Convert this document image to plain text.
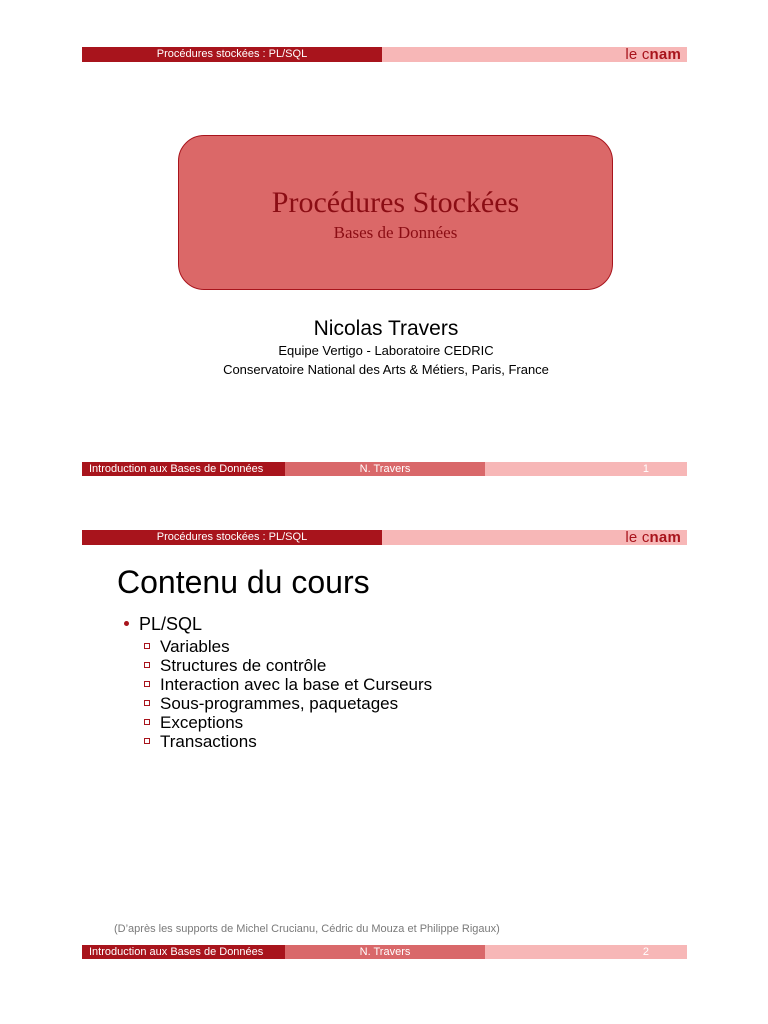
Procédures stockées : PL/SQL	le cnam
Procédures Stockées
Bases de Données
Nicolas Travers
Equipe Vertigo - Laboratoire CEDRIC
Conservatoire National des Arts & Métiers, Paris, France
Introduction aux Bases de Données	N. Travers	1
Procédures stockées : PL/SQL	le cnam
Contenu du cours
PL/SQL
Variables
Structures de contrôle
Interaction avec la base et Curseurs
Sous-programmes, paquetages
Exceptions
Transactions
(D’après les supports de Michel Crucianu, Cédric du Mouza et Philippe Rigaux)
Introduction aux Bases de Données	N. Travers	2
